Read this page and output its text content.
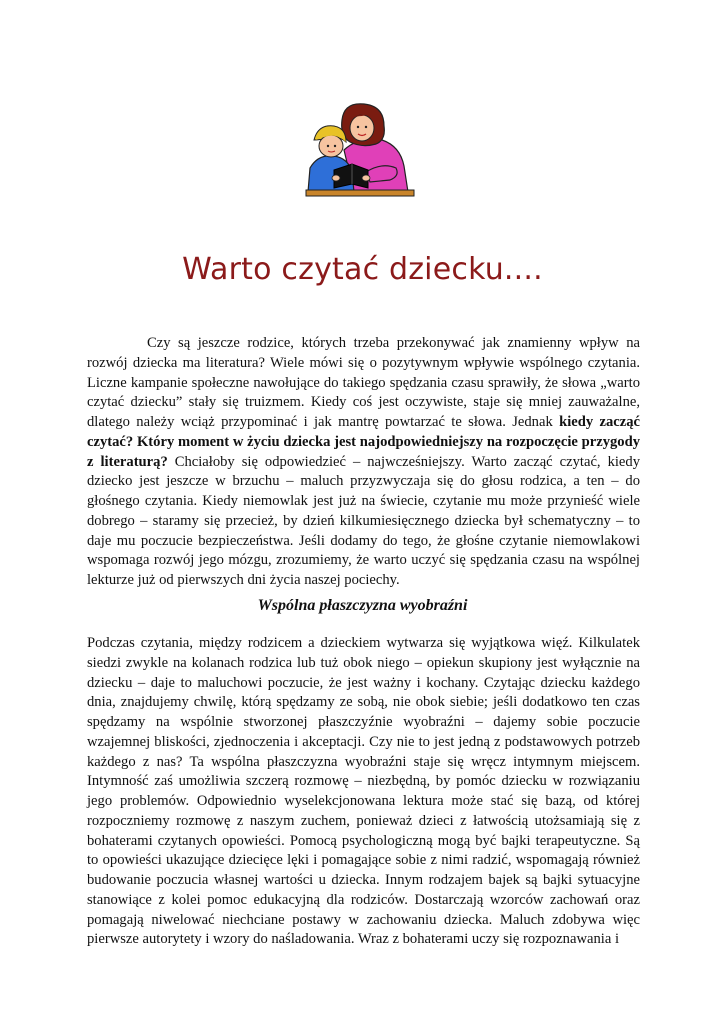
Warto czytać dziecku....

Czy są jeszcze rodzice, których trzeba przekonywać jak znamienny wpływ na rozwój dziecka ma literatura? Wiele mówi się o pozytywnym wpływie wspólnego czytania. Liczne kampanie społeczne nawołujące do takiego spędzania czasu sprawiły, że słowa „warto czytać dziecku” stały się truizmem. Kiedy coś jest oczywiste, staje się mniej zauważalne, dlatego należy wciąż przypominać i jak mantrę powtarzać te słowa. Jednak kiedy zacząć czytać? Który moment w życiu dziecka jest najodpowiedniejszy na rozpoczęcie przygody z literaturą? Chciałoby się odpowiedzieć – najwcześniejszy. Warto zacząć czytać, kiedy dziecko jest jeszcze w brzuchu – maluch przyzwyczaja się do głosu rodzica, a ten – do głośnego czytania. Kiedy niemowlak jest już na świecie, czytanie mu może przynieść wiele dobrego – staramy się przecież, by dzień kilkumiesięcznego dziecka był schematyczny – to daje mu poczucie bezpieczeństwa. Jeśli dodamy do tego, że głośne czytanie niemowlakowi wspomaga rozwój jego mózgu, zrozumiemy, że warto uczyć się spędzania czasu na wspólnej lekturze już od pierwszych dni życia naszej pociechy.

Wspólna płaszczyzna wyobraźni

Podczas czytania, między rodzicem a dzieckiem wytwarza się wyjątkowa więź. Kilkulatek siedzi zwykle na kolanach rodzica lub tuż obok niego – opiekun skupiony jest wyłącznie na dziecku – daje to maluchowi poczucie, że jest ważny i kochany. Czytając dziecku każdego dnia, znajdujemy chwilę, którą spędzamy ze sobą, nie obok siebie; jeśli dodatkowo ten czas spędzamy na wspólnie stworzonej płaszczyźnie wyobraźni – dajemy sobie poczucie wzajemnej bliskości, zjednoczenia i akceptacji. Czy nie to jest jedną z podstawowych potrzeb każdego z nas? Ta wspólna płaszczyzna wyobraźni staje się wręcz intymnym miejscem. Intymność zaś umożliwia szczerą rozmowę – niezbędną, by pomóc dziecku w rozwiązaniu jego problemów. Odpowiednio wyselekcjonowana lektura może stać się bazą, od której rozpoczniemy rozmowę z naszym zuchem, ponieważ dzieci z łatwością utożsamiają się z bohaterami czytanych opowieści. Pomocą psychologiczną mogą być bajki terapeutyczne. Są to opowieści ukazujące dziecięce lęki i pomagające sobie z nimi radzić, wspomagają również budowanie poczucia własnej wartości u dziecka. Innym rodzajem bajek są bajki sytuacyjne stanowiące z kolei pomoc edukacyjną dla rodziców. Dostarczają wzorców zachowań oraz pomagają niwelować niechciane postawy w zachowaniu dziecka. Maluch zdobywa więc pierwsze autorytety i wzory do naśladowania. Wraz z bohaterami uczy się rozpoznawania i
